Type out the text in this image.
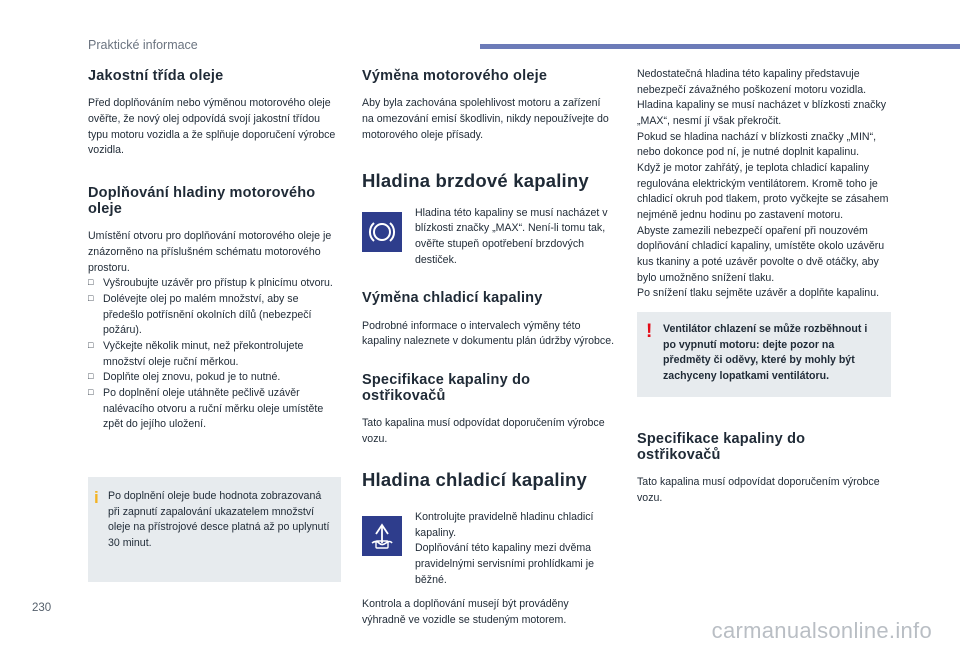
Praktické informace
Jakostní třída oleje

Před doplňováním nebo výměnou motorového oleje ověřte, že nový olej odpovídá svojí jakostní třídou typu motoru vozidla a že splňuje doporučení výrobce vozidla.

Doplňování hladiny motorového oleje

Umístění otvoru pro doplňování motorového oleje je znázorněno na příslušném schématu motorového prostoru.

□ Vyšroubujte uzávěr pro přístup k plnicímu otvoru.
□ Dolévejte olej po malém množství, aby se předešlo potřísnění okolních dílů (nebezpečí požáru).
□ Vyčkejte několik minut, než překontrolujete množství oleje ruční měrkou.
□ Doplňte olej znovu, pokud je to nutné.
□ Po doplnění oleje utáhněte pečlivě uzávěr nalévacího otvoru a ruční měrku oleje umístěte zpět do jejího uložení.
i Po doplnění oleje bude hodnota zobrazovaná při zapnutí zapalování ukazatelem množství oleje na přístrojové desce platná až po uplynutí 30 minut.

Výměna motorového oleje

Aby byla zachována spolehlivost motoru a zařízení na omezování emisí škodlivin, nikdy nepoužívejte do motorového oleje přísady.

Hladina brzdové kapaliny

Hladina této kapaliny se musí nacházet v blízkosti značky „MAX“. Není-li tomu tak, ověřte stupeň opotřebení brzdových destiček.

Výměna chladicí kapaliny

Podrobné informace o intervalech výměny této kapaliny naleznete v dokumentu plán údržby výrobce.

Specifikace kapaliny do ostřikovačů

Tato kapalina musí odpovídat doporučením výrobce vozu.

Hladina chladicí kapaliny

Kontrolujte pravidelně hladinu chladicí kapaliny.
Doplňování této kapaliny mezi dvěma pravidelnými servisními prohlídkami je běžné.

Kontrola a doplňování musejí být prováděny výhradně ve vozidle se studeným motorem.

Nedostatečná hladina této kapaliny představuje nebezpečí závažného poškození motoru vozidla.
Hladina kapaliny se musí nacházet v blízkosti značky „MAX“, nesmí jí však překročit.
Pokud se hladina nachází v blízkosti značky „MIN“, nebo dokonce pod ní, je nutné doplnit kapalinu.
Když je motor zahřátý, je teplota chladicí kapaliny regulována elektrickým ventilátorem. Kromě toho je chladicí okruh pod tlakem, proto vyčkejte se zásahem nejméně jednu hodinu po zastavení motoru.
Abyste zamezili nebezpečí opaření při nouzovém doplňování chladicí kapaliny, umístěte okolo uzávěru kus tkaniny a poté uzávěr povolte o dvě otáčky, aby bylo umožněno snížení tlaku.
Po snížení tlaku sejměte uzávěr a doplňte kapalinu.

! Ventilátor chlazení se může rozběhnout i po vypnutí motoru: dejte pozor na předměty či oděvy, které by mohly být zachyceny lopatkami ventilátoru.

Specifikace kapaliny do ostřikovačů

Tato kapalina musí odpovídat doporučením výrobce vozu.

230
carmanualsonline.info
